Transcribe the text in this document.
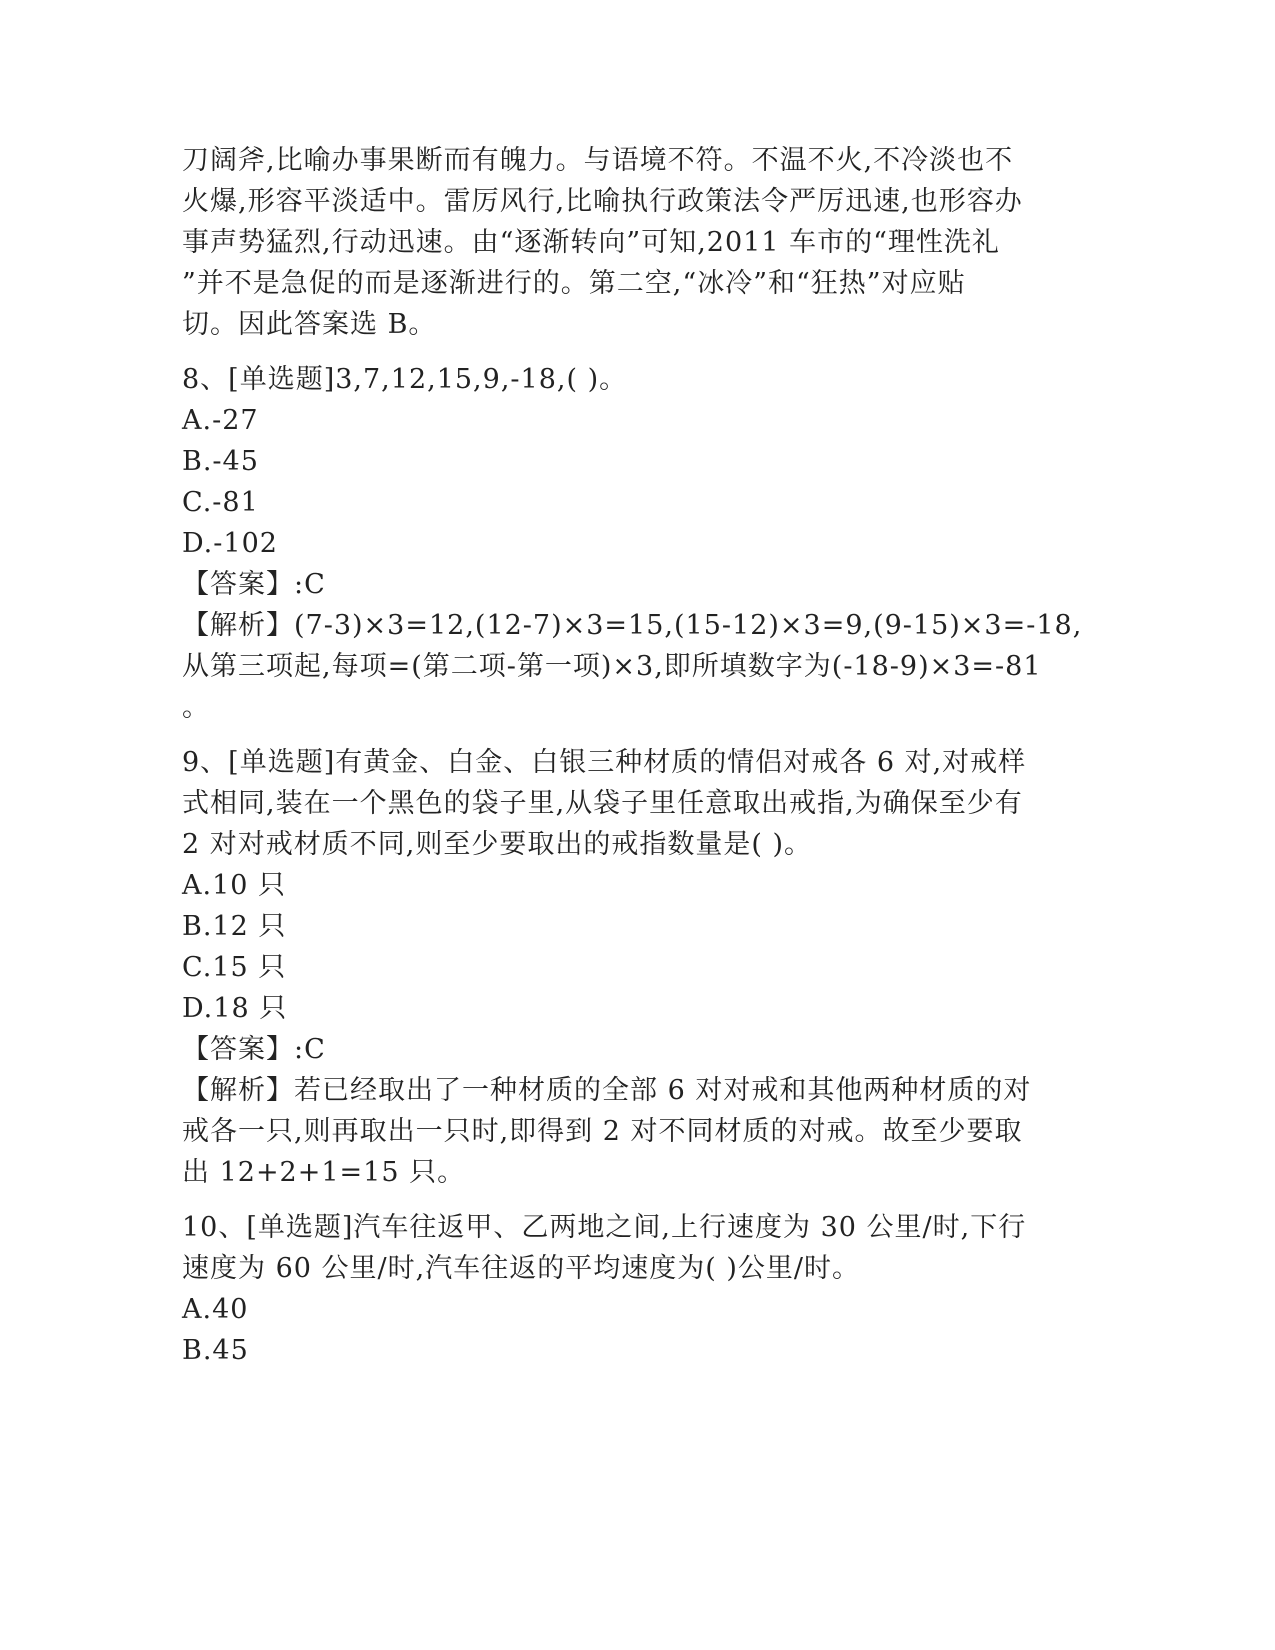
刀阔斧,比喻办事果断而有魄力。与语境不符。不温不火,不冷淡也不
火爆,形容平淡适中。雷厉风行,比喻执行政策法令严厉迅速,也形容办
事声势猛烈,行动迅速。由“逐渐转向”可知,2011 车市的“理性洗礼
”并不是急促的而是逐渐进行的。第二空,“冰冷”和“狂热”对应贴
切。因此答案选 B。
8、[单选题]3,7,12,15,9,-18,( )。
A.-27
B.-45
C.-81
D.-102
【答案】:C
【解析】(7-3)×3=12,(12-7)×3=15,(15-12)×3=9,(9-15)×3=-18,
从第三项起,每项=(第二项-第一项)×3,即所填数字为(-18-9)×3=-81
。
9、[单选题]有黄金、白金、白银三种材质的情侣对戒各 6 对,对戒样
式相同,装在一个黑色的袋子里,从袋子里任意取出戒指,为确保至少有
2 对对戒材质不同,则至少要取出的戒指数量是( )。
A.10 只
B.12 只
C.15 只
D.18 只
【答案】:C
【解析】若已经取出了一种材质的全部 6 对对戒和其他两种材质的对
戒各一只,则再取出一只时,即得到 2 对不同材质的对戒。故至少要取
出 12+2+1=15 只。
10、[单选题]汽车往返甲、乙两地之间,上行速度为 30 公里/时,下行
速度为 60 公里/时,汽车往返的平均速度为( )公里/时。
A.40
B.45
